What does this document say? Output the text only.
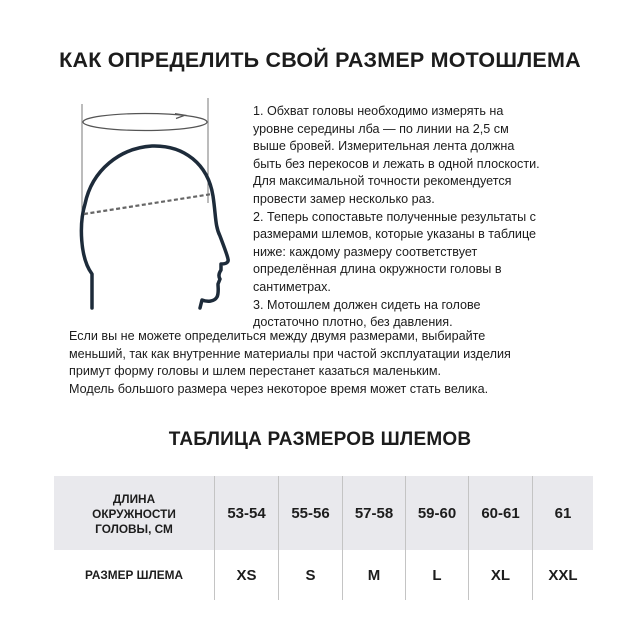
КАК ОПРЕДЕЛИТЬ СВОЙ РАЗМЕР МОТОШЛЕМА

1. Обхват головы необходимо измерять на

уровне середины лба — по линии на 2,5 см

выше бровей. Измерительная лента должна

быть без перекосов и лежать в одной плоскости.

Для максимальной точности рекомендуется

провести замер несколько раз.

2. Теперь сопоставьте полученные результаты с

размерами шлемов, которые указаны в таблице

ниже: каждому размеру соответствует

определённая длина окружности головы в

сантиметрах.

3. Мотошлем должен сидеть на голове

достаточно плотно, без давления.

Если вы не можете определиться между двумя размерами, выбирайте

меньший, так как внутренние материалы при частой эксплуатации изделия

примут форму головы и шлем перестанет казаться маленьким.

Модель большого размера через некоторое время может стать велика.

ТАБЛИЦА РАЗМЕРОВ ШЛЕМОВ
ДЛИНА
ОКРУЖНОСТИ
ГОЛОВЫ, СМ	53-54	55-56	57-58	59-60	60-61	61
РАЗМЕР ШЛЕМА	XS	S	M	L	XL	XXL
